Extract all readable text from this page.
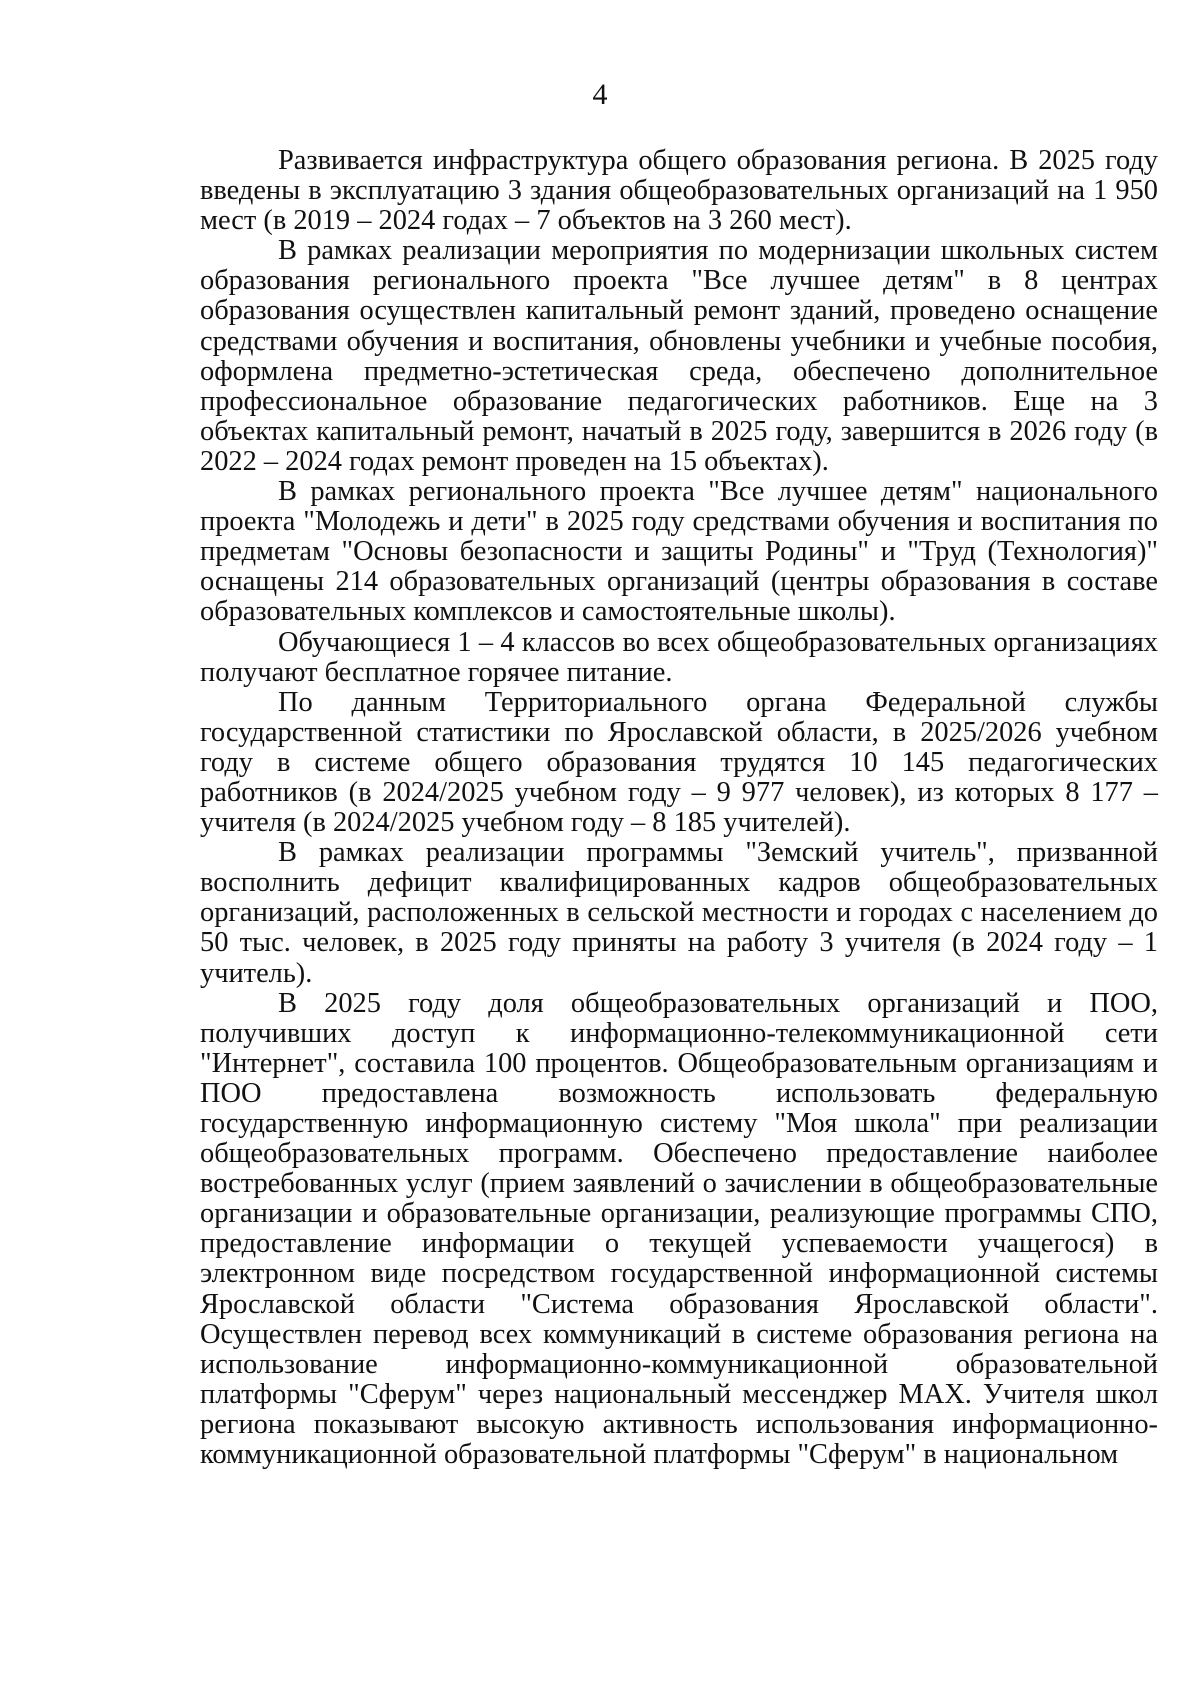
4

Развивается инфраструктура общего образования региона. В 2025 году введены в эксплуатацию 3 здания общеобразовательных организаций на 1 950 мест (в 2019 – 2024 годах – 7 объектов на 3 260 мест).

В рамках реализации мероприятия по модернизации школьных систем образования регионального проекта "Все лучшее детям" в 8 центрах образования осуществлен капитальный ремонт зданий, проведено оснащение средствами обучения и воспитания, обновлены учебники и учебные пособия, оформлена предметно-эстетическая среда, обеспечено дополнительное профессиональное образование педагогических работников. Еще на 3 объектах капитальный ремонт, начатый в 2025 году, завершится в 2026 году (в 2022 – 2024 годах ремонт проведен на 15 объектах).

В рамках регионального проекта "Все лучшее детям" национального проекта "Молодежь и дети" в 2025 году средствами обучения и воспитания по предметам "Основы безопасности и защиты Родины" и "Труд (Технология)" оснащены 214 образовательных организаций (центры образования в составе образовательных комплексов и самостоятельные школы).

Обучающиеся 1 – 4 классов во всех общеобразовательных организациях получают бесплатное горячее питание.

По данным Территориального органа Федеральной службы государственной статистики по Ярославской области, в 2025/2026 учебном году в системе общего образования трудятся 10 145 педагогических работников (в 2024/2025 учебном году – 9 977 человек), из которых 8 177 – учителя (в 2024/2025 учебном году – 8 185 учителей).

В рамках реализации программы "Земский учитель", призванной восполнить дефицит квалифицированных кадров общеобразовательных организаций, расположенных в сельской местности и городах с населением до 50 тыс. человек, в 2025 году приняты на работу 3 учителя (в 2024 году – 1 учитель).

В 2025 году доля общеобразовательных организаций и ПОО, получивших доступ к информационно-телекоммуникационной сети "Интернет", составила 100 процентов. Общеобразовательным организациям и ПОО предоставлена возможность использовать федеральную государственную информационную систему "Моя школа" при реализации общеобразовательных программ. Обеспечено предоставление наиболее востребованных услуг (прием заявлений о зачислении в общеобразовательные организации и образовательные организации, реализующие программы СПО, предоставление информации о текущей успеваемости учащегося) в электронном виде посредством государственной информационной системы Ярославской области "Система образования Ярославской области". Осуществлен перевод всех коммуникаций в системе образования региона на использование информационно-коммуникационной образовательной платформы "Сферум" через национальный мессенджер MAX. Учителя школ региона показывают высокую активность использования информационно-коммуникационной образовательной платформы "Сферум" в национальном
